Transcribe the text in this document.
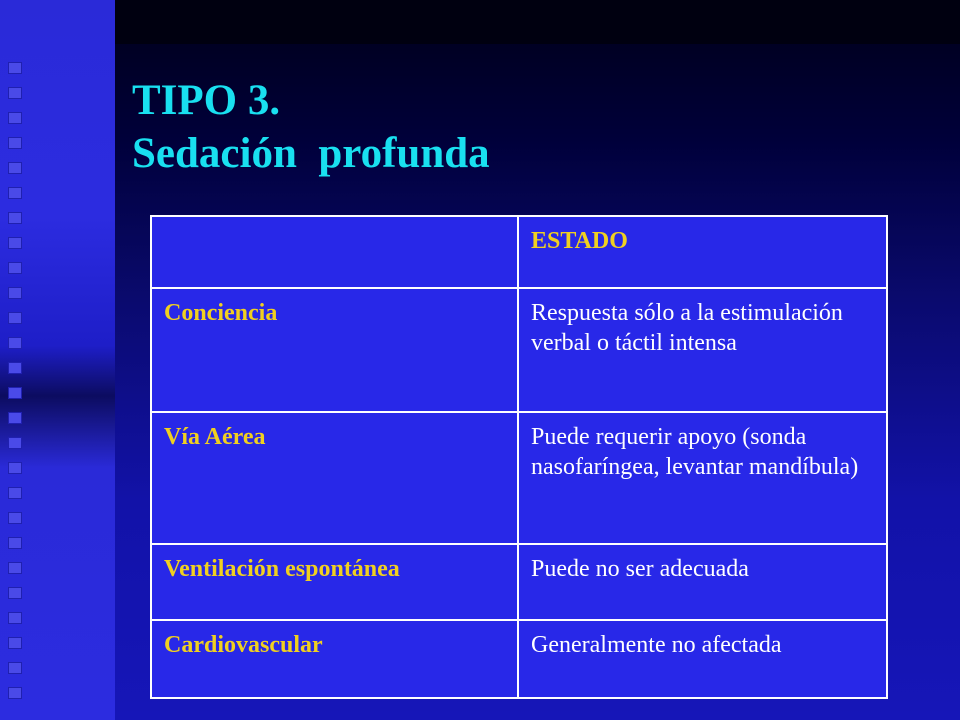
TIPO 3.
Sedación  profunda
	ESTADO
Conciencia	Respuesta sólo a la estimulación verbal o táctil intensa
Vía Aérea	Puede requerir apoyo (sonda nasofaríngea, levantar mandíbula)
Ventilación espontánea	Puede no ser adecuada
Cardiovascular	Generalmente no afectada
